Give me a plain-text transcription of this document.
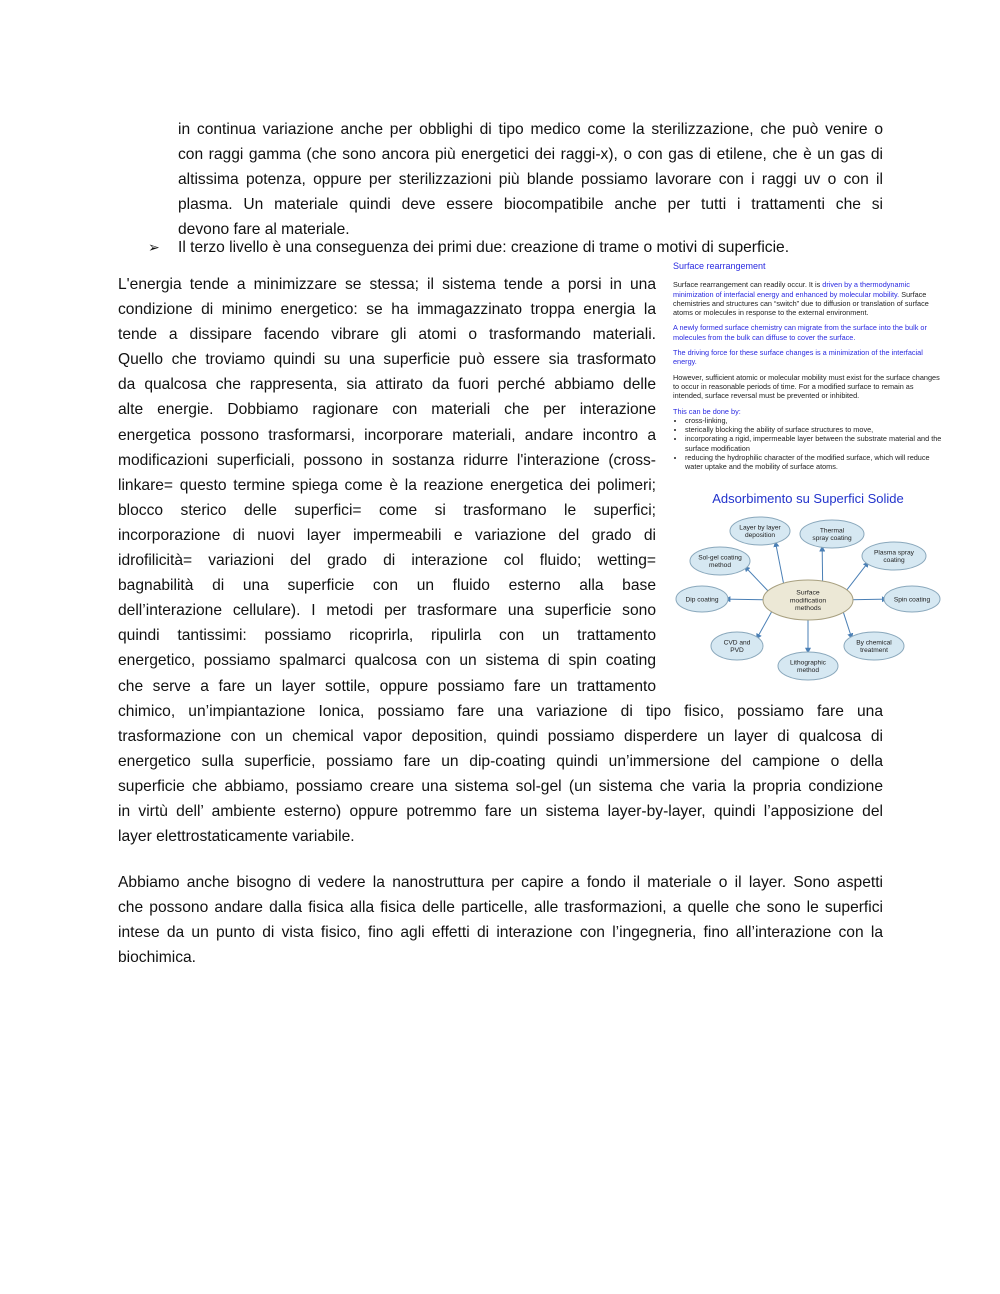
in continua variazione anche per obblighi di tipo medico come la sterilizzazione, che può venire o
con raggi gamma (che sono ancora più energetici dei raggi-x), o con gas di etilene, che è un gas di
altissima potenza, oppure per sterilizzazioni più blande possiamo lavorare con i raggi uv o con il
plasma. Un materiale quindi deve essere biocompatibile anche per tutti i trattamenti che si
devono fare al materiale.
➢ Il terzo livello è una conseguenza dei primi due: creazione di trame o motivi di superficie.
L'energia tende a minimizzare se stessa; il sistema tende a porsi in una
condizione di minimo energetico: se ha immagazzinato troppa energia la
tende a dissipare facendo vibrare gli atomi o trasformando materiali.
Quello che troviamo quindi su una superficie può essere sia trasformato
da qualcosa che rappresenta, sia attirato da fuori perché abbiamo delle
alte energie. Dobbiamo ragionare con materiali che per interazione
energetica possono trasformarsi, incorporare materiali, andare incontro a
modificazioni superficiali, possono in sostanza ridurre l'interazione (cross-
linkare= questo termine spiega come è la reazione energetica dei polimeri;
blocco sterico delle superfici= come si trasformano le superfici;
incorporazione di nuovi layer impermeabili e variazione del grado di
idrofilicità= variazioni del grado di interazione col fluido; wetting=
bagnabilità di una superficie con un fluido esterno alla base
dell’interazione cellulare). I metodi per trasformare una superficie sono
quindi tantissimi: possiamo ricoprirla, ripulirla con un trattamento
energetico, possiamo spalmarci qualcosa con un sistema di spin coating
che serve a fare un layer sottile, oppure possiamo fare un trattamento
chimico, un’impiantazione Ionica, possiamo fare una variazione di tipo fisico, possiamo fare una
trasformazione con un chemical vapor deposition, quindi possiamo disperdere un layer di qualcosa di
energetico sulla superficie, possiamo fare un dip-coating quindi un’immersione del campione o della
superficie che abbiamo, possiamo creare una sistema sol-gel (un sistema che varia la propria condizione
in virtù dell’ ambiente esterno) oppure potremmo fare un sistema layer-by-layer, quindi l’apposizione del
layer elettrostaticamente variabile.
Abbiamo anche bisogno di vedere la nanostruttura per capire a fondo il materiale o il layer. Sono aspetti
che possono andare dalla fisica alla fisica delle particelle, alle trasformazioni, a quelle che sono le superfici
intese da un punto di vista fisico, fino agli effetti di interazione con l’ingegneria, fino all’interazione con la
biochimica.
Surface rearrangement

Surface rearrangement can readily occur. It is driven by a thermodynamic minimization of interfacial energy and enhanced by molecular mobility. Surface chemistries and structures can “switch” due to diffusion or translation of surface atoms or molecules in response to the external environment.

A newly formed surface chemistry can migrate from the surface into the bulk or molecules from the bulk can diffuse to cover the surface.

The driving force for these surface changes is a minimization of the interfacial energy.

However, sufficient atomic or molecular mobility must exist for the surface changes to occur in reasonable periods of time. For a modified surface to remain as intended, surface reversal must be prevented or inhibited.

This can be done by:
• cross-linking,
• sterically blocking the ability of surface structures to move,
• incorporating a rigid, impermeable layer between the substrate material and the surface modification
• reducing the hydrophilic character of the modified surface, which will reduce water uptake and the mobility of surface atoms.
Adsorbimento su Superfici Solide
Layer by layer
deposition
Thermal
spray coating
Plasma spray
coating
Sol-gel coating
method
Dip coating	Spin coating
CVD and
PVD
Lithographic
method
By chemical
treatment
Surface
modification
methods
